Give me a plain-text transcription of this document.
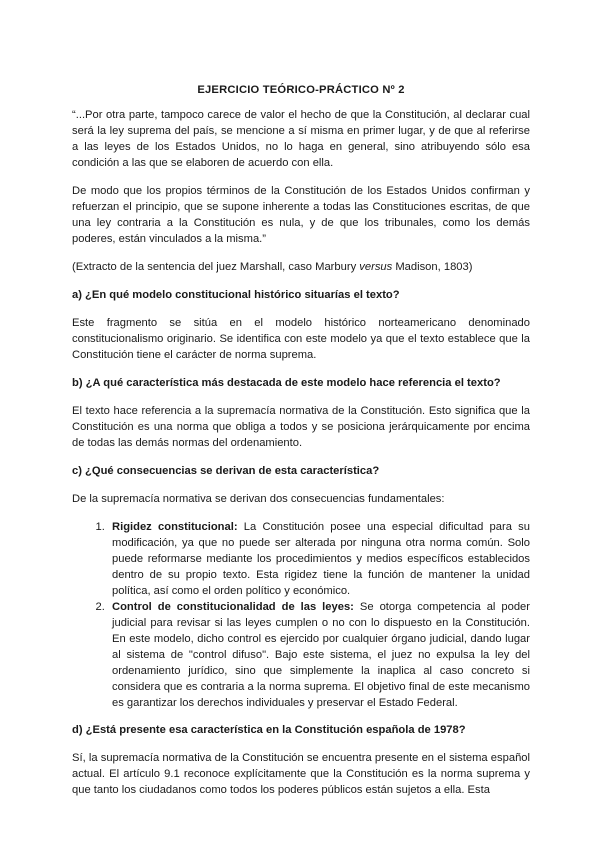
EJERCICIO TEÓRICO-PRÁCTICO Nº 2

“...Por otra parte, tampoco carece de valor el hecho de que la Constitución, al declarar cual será la ley suprema del país, se mencione a sí misma en primer lugar, y de que al referirse a las leyes de los Estados Unidos, no lo haga en general, sino atribuyendo sólo esa condición a las que se elaboren de acuerdo con ella.

De modo que los propios términos de la Constitución de los Estados Unidos confirman y refuerzan el principio, que se supone inherente a todas las Constituciones escritas, de que una ley contraria a la Constitución es nula, y de que los tribunales, como los demás poderes, están vinculados a la misma.”

(Extracto de la sentencia del juez Marshall, caso Marbury versus Madison, 1803)

a) ¿En qué modelo constitucional histórico situarías el texto?

Este fragmento se sitúa en el modelo histórico norteamericano denominado constitucionalismo originario. Se identifica con este modelo ya que el texto establece que la Constitución tiene el carácter de norma suprema.

b) ¿A qué característica más destacada de este modelo hace referencia el texto?

El texto hace referencia a la supremacía normativa de la Constitución. Esto significa que la Constitución es una norma que obliga a todos y se posiciona jerárquicamente por encima de todas las demás normas del ordenamiento.

c) ¿Qué consecuencias se derivan de esta característica?

De la supremacía normativa se derivan dos consecuencias fundamentales:

1. Rigidez constitucional: La Constitución posee una especial dificultad para su modificación, ya que no puede ser alterada por ninguna otra norma común. Solo puede reformarse mediante los procedimientos y medios específicos establecidos dentro de su propio texto. Esta rigidez tiene la función de mantener la unidad política, así como el orden político y económico.
2. Control de constitucionalidad de las leyes: Se otorga competencia al poder judicial para revisar si las leyes cumplen o no con lo dispuesto en la Constitución. En este modelo, dicho control es ejercido por cualquier órgano judicial, dando lugar al sistema de "control difuso". Bajo este sistema, el juez no expulsa la ley del ordenamiento jurídico, sino que simplemente la inaplica al caso concreto si considera que es contraria a la norma suprema. El objetivo final de este mecanismo es garantizar los derechos individuales y preservar el Estado Federal.
d) ¿Está presente esa característica en la Constitución española de 1978?

Sí, la supremacía normativa de la Constitución se encuentra presente en el sistema español actual. El artículo 9.1 reconoce explícitamente que la Constitución es la norma suprema y que tanto los ciudadanos como todos los poderes públicos están sujetos a ella. Esta
